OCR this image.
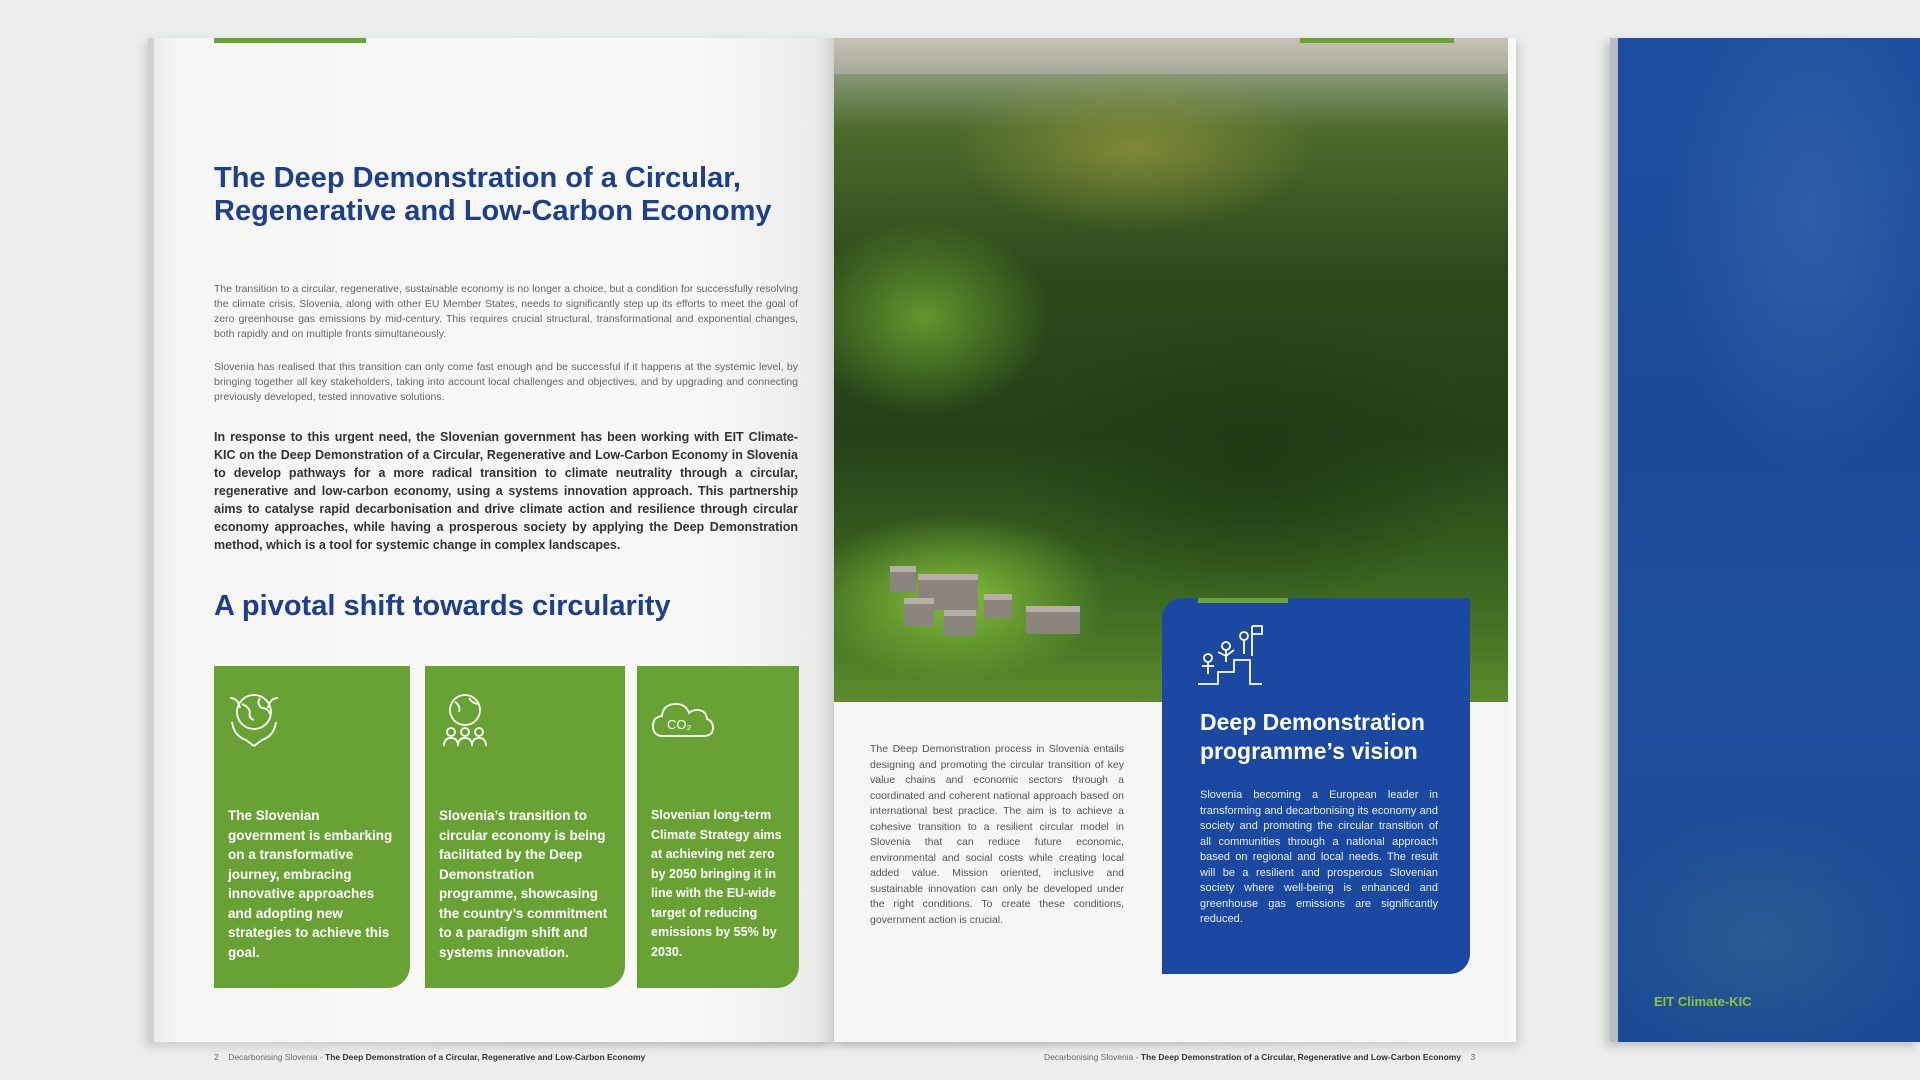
The Deep Demonstration of a Circular, Regenerative and Low-Carbon Economy

The transition to a circular, regenerative, sustainable economy is no longer a choice, but a condition for successfully resolving the climate crisis. Slovenia, along with other EU Member States, needs to significantly step up its efforts to meet the goal of zero greenhouse gas emissions by mid-century. This requires crucial structural, transformational and exponential changes, both rapidly and on multiple fronts simultaneously.

Slovenia has realised that this transition can only come fast enough and be successful if it happens at the systemic level, by bringing together all key stakeholders, taking into account local challenges and objectives, and by upgrading and connecting previously developed, tested innovative solutions.

In response to this urgent need, the Slovenian government has been working with EIT Climate-KIC on the Deep Demonstration of a Circular, Regenerative and Low-Carbon Economy in Slovenia to develop pathways for a more radical transition to climate neutrality through a circular, regenerative and low-carbon economy, using a systems innovation approach. This partnership aims to catalyse rapid decarbonisation and drive climate action and resilience through circular economy approaches, while having a prosperous society by applying the Deep Demonstration method, which is a tool for systemic change in complex landscapes.

A pivotal shift towards circularity
The Slovenian government is embarking on a transformative journey, embracing innovative approaches and adopting new strategies to achieve this goal.
Slovenia’s transition to circular economy is being facilitated by the Deep Demonstration programme, showcasing the country’s commitment to a paradigm shift and systems innovation.
CO₂
Slovenian long-term Climate Strategy aims at achieving net zero by 2050 bringing it in line with the EU-wide target of reducing emissions by 55% by 2030.
2 Decarbonising Slovenia - The Deep Demonstration of a Circular, Regenerative and Low-Carbon Economy

The Deep Demonstration process in Slovenia entails designing and promoting the circular transition of key value chains and economic sectors through a coordinated and coherent national approach based on international best practice. The aim is to achieve a cohesive transition to a resilient circular model in Slovenia that can reduce future economic, environmental and social costs while creating local added value. Mission oriented, inclusive and sustainable innovation can only be developed under the right conditions. To create these conditions, government action is crucial.

Deep Demonstration programme’s vision

Slovenia becoming a European leader in transforming and decarbonising its economy and society and promoting the circular transition of all communities through a national approach based on regional and local needs. The result will be a resilient and prosperous Slovenian society where well-being is enhanced and greenhouse gas emissions are significantly reduced.

Decarbonising Slovenia - The Deep Demonstration of a Circular, Regenerative and Low-Carbon Economy 3
EIT Climate-KIC
